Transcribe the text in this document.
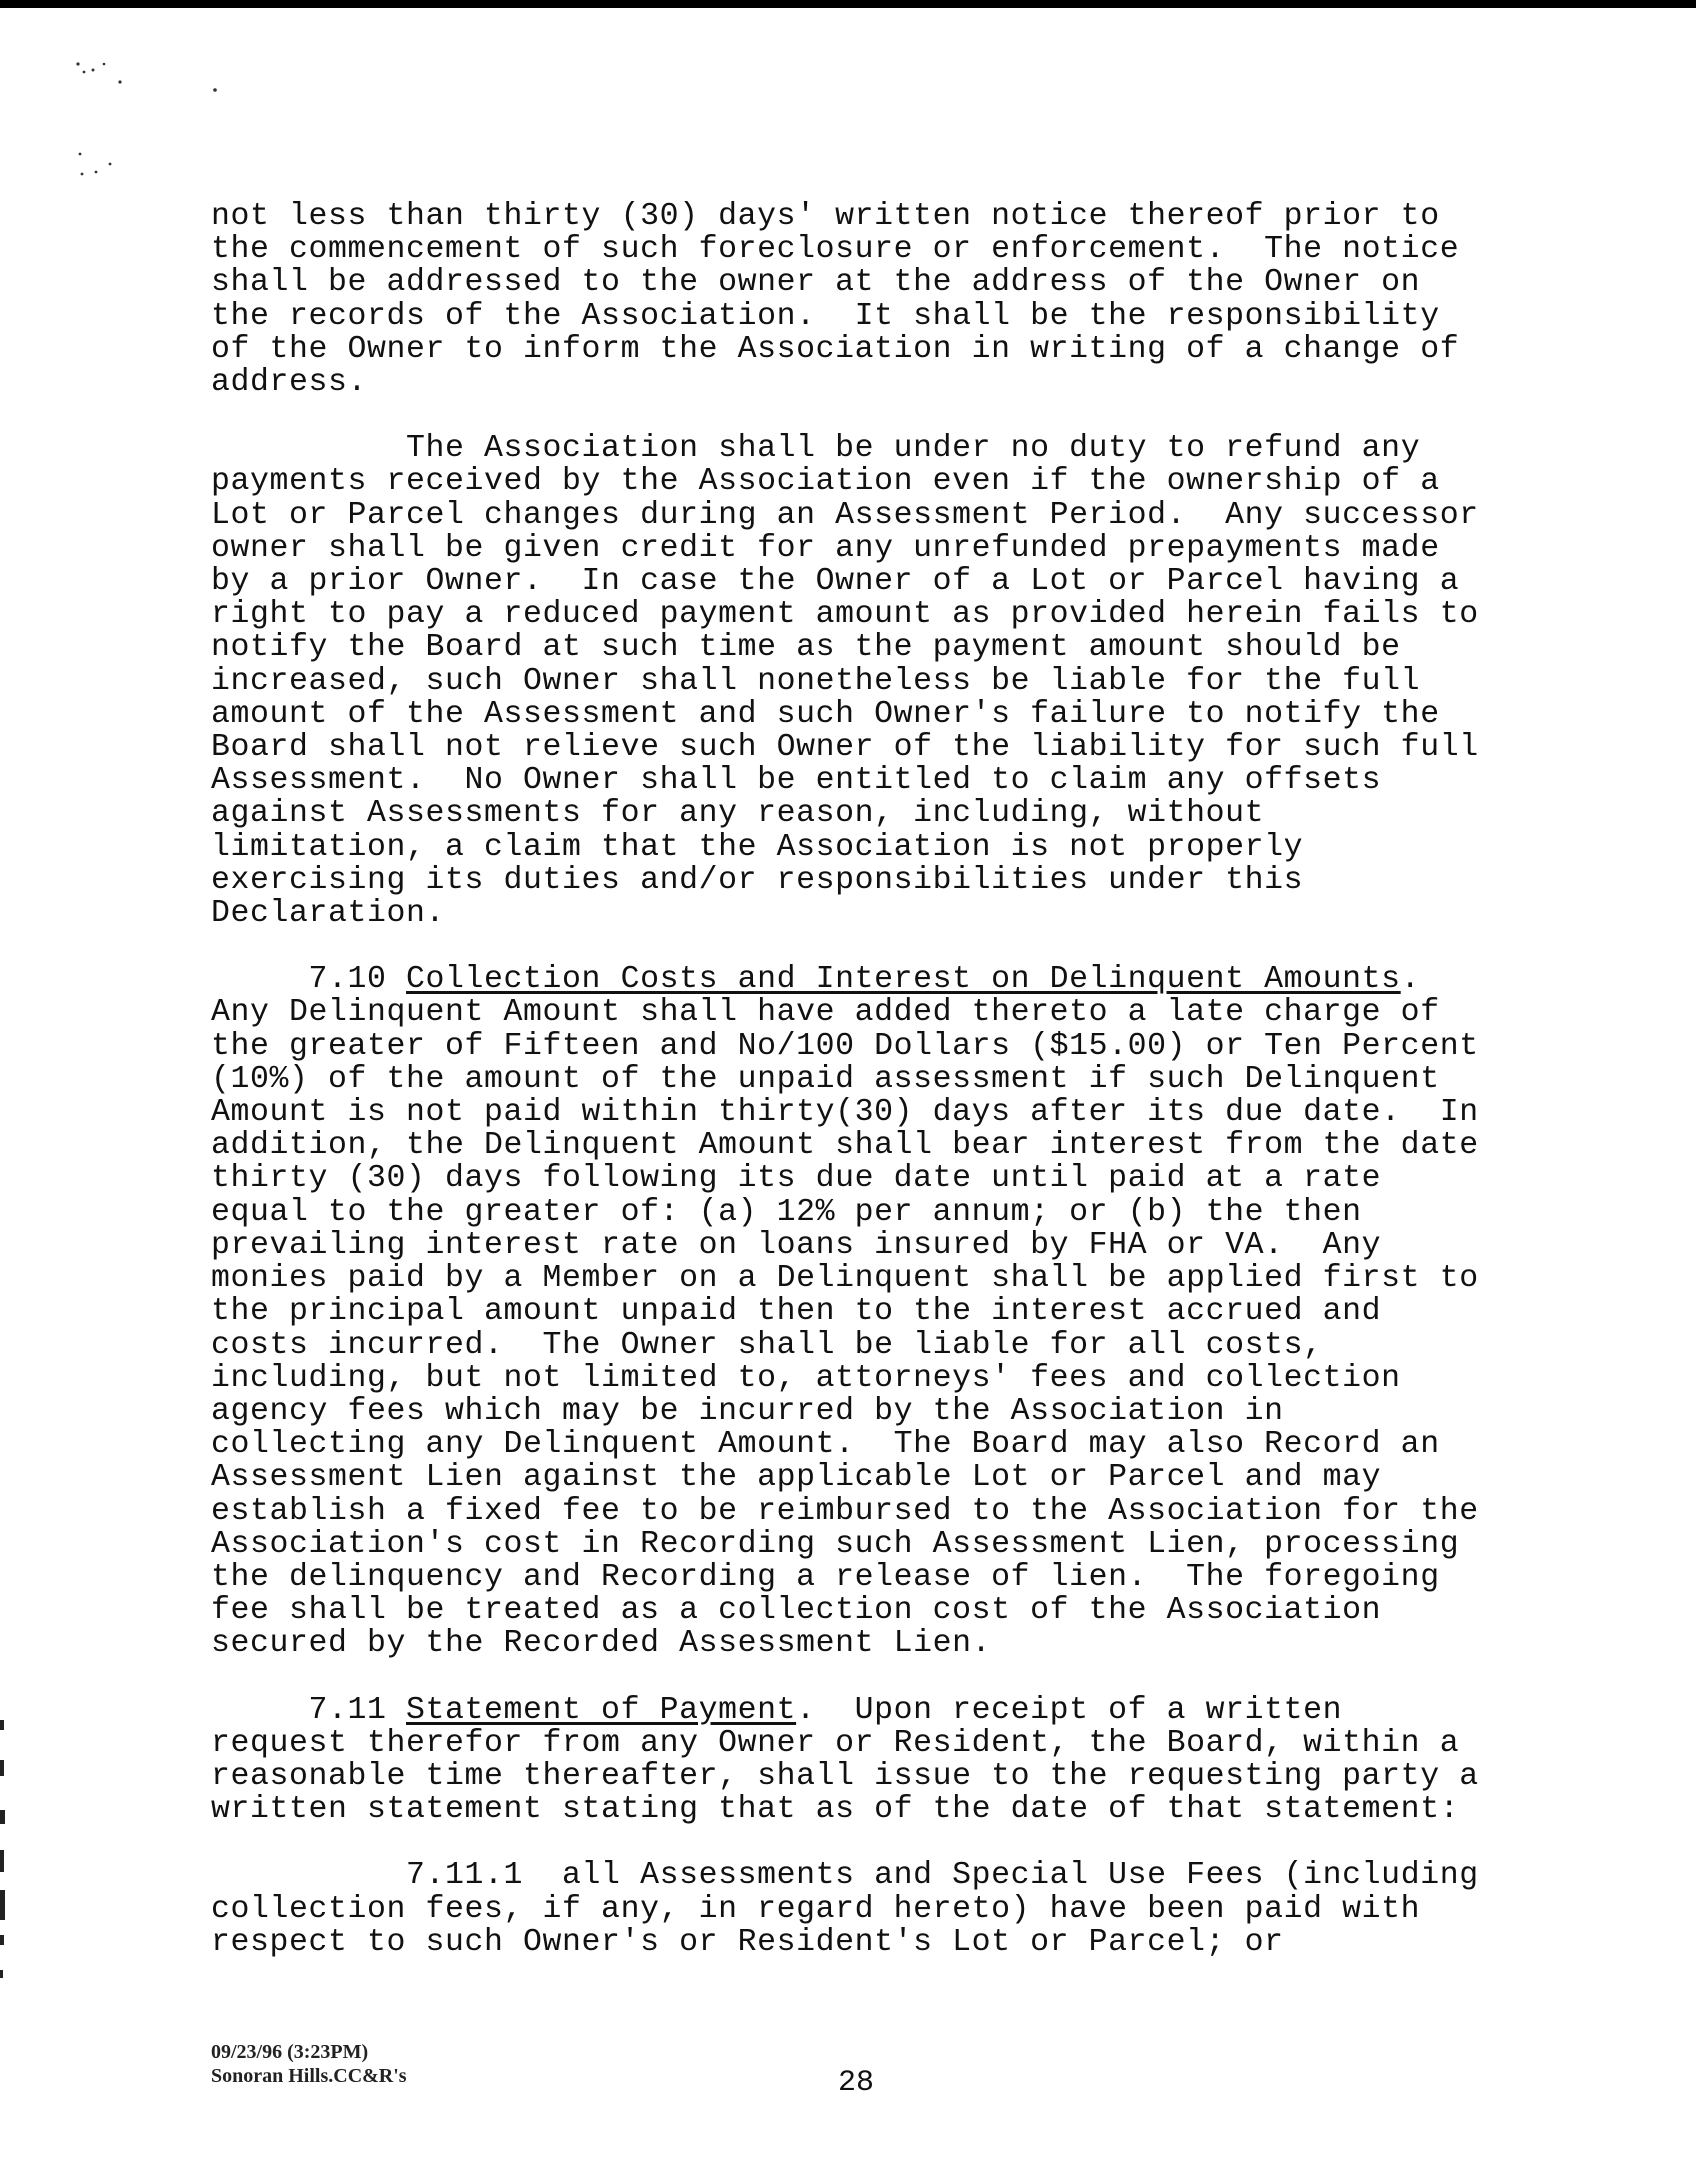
not less than thirty (30) days' written notice thereof prior to
the commencement of such foreclosure or enforcement.  The notice
shall be addressed to the owner at the address of the Owner on
the records of the Association.  It shall be the responsibility
of the Owner to inform the Association in writing of a change of
address.

The Association shall be under no duty to refund any
payments received by the Association even if the ownership of a
Lot or Parcel changes during an Assessment Period.  Any successor
owner shall be given credit for any unrefunded prepayments made
by a prior Owner.  In case the Owner of a Lot or Parcel having a
right to pay a reduced payment amount as provided herein fails to
notify the Board at such time as the payment amount should be
increased, such Owner shall nonetheless be liable for the full
amount of the Assessment and such Owner's failure to notify the
Board shall not relieve such Owner of the liability for such full
Assessment.  No Owner shall be entitled to claim any offsets
against Assessments for any reason, including, without
limitation, a claim that the Association is not properly
exercising its duties and/or responsibilities under this
Declaration.

7.10 Collection Costs and Interest on Delinquent Amounts.
Any Delinquent Amount shall have added thereto a late charge of
the greater of Fifteen and No/100 Dollars ($15.00) or Ten Percent
(10%) of the amount of the unpaid assessment if such Delinquent
Amount is not paid within thirty(30) days after its due date.  In
addition, the Delinquent Amount shall bear interest from the date
thirty (30) days following its due date until paid at a rate
equal to the greater of: (a) 12% per annum; or (b) the then
prevailing interest rate on loans insured by FHA or VA.  Any
monies paid by a Member on a Delinquent shall be applied first to
the principal amount unpaid then to the interest accrued and
costs incurred.  The Owner shall be liable for all costs,
including, but not limited to, attorneys' fees and collection
agency fees which may be incurred by the Association in
collecting any Delinquent Amount.  The Board may also Record an
Assessment Lien against the applicable Lot or Parcel and may
establish a fixed fee to be reimbursed to the Association for the
Association's cost in Recording such Assessment Lien, processing
the delinquency and Recording a release of lien.  The foregoing
fee shall be treated as a collection cost of the Association
secured by the Recorded Assessment Lien.

7.11 Statement of Payment.  Upon receipt of a written
request therefor from any Owner or Resident, the Board, within a
reasonable time thereafter, shall issue to the requesting party a
written statement stating that as of the date of that statement:

7.11.1  all Assessments and Special Use Fees (including
collection fees, if any, in regard hereto) have been paid with
respect to such Owner's or Resident's Lot or Parcel; or

09/23/96 (3:23PM)
Sonoran Hills.CC&R's	28
